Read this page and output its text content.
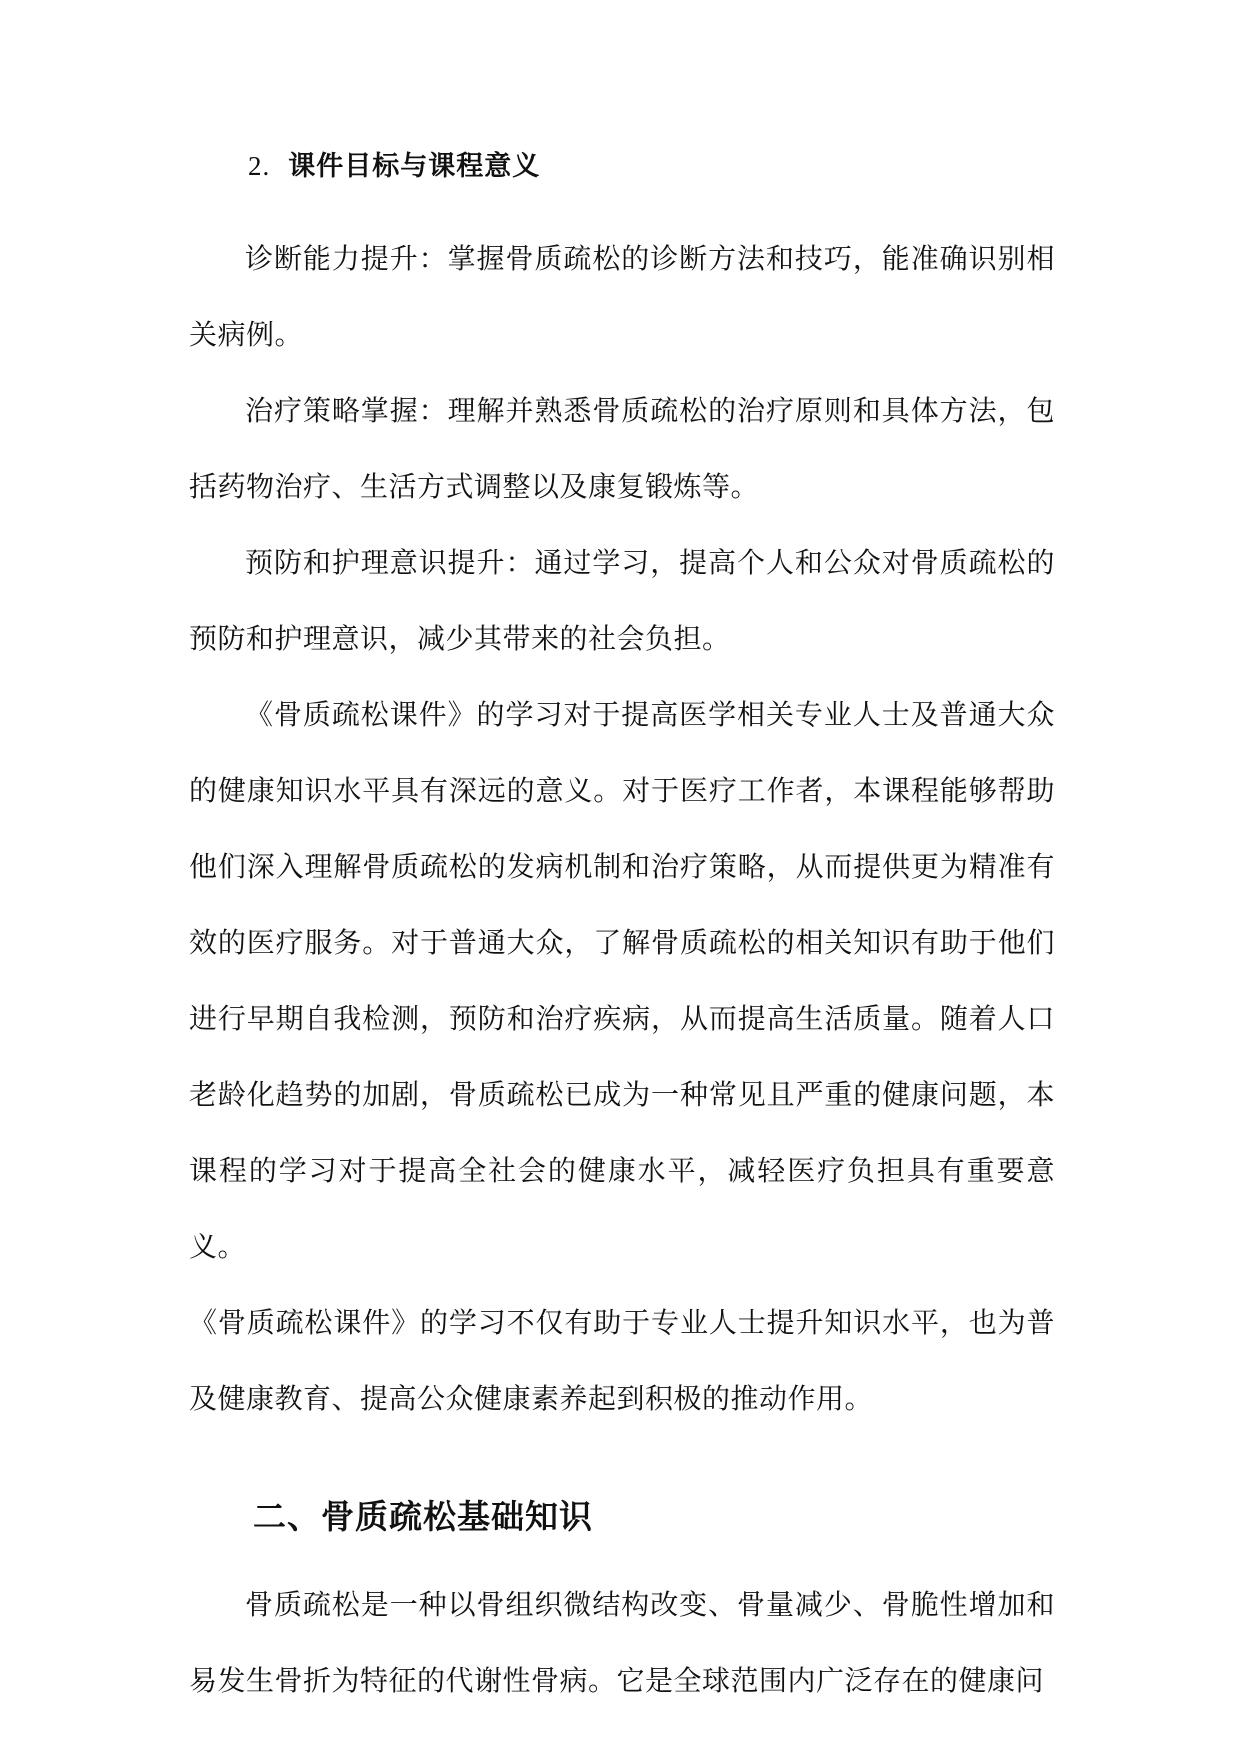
2. 课件目标与课程意义

诊断能力提升：掌握骨质疏松的诊断方法和技巧，能准确识别相关病例。

治疗策略掌握：理解并熟悉骨质疏松的治疗原则和具体方法，包括药物治疗、生活方式调整以及康复锻炼等。

预防和护理意识提升：通过学习，提高个人和公众对骨质疏松的预防和护理意识，减少其带来的社会负担。

《骨质疏松课件》的学习对于提高医学相关专业人士及普通大众的健康知识水平具有深远的意义。对于医疗工作者，本课程能够帮助他们深入理解骨质疏松的发病机制和治疗策略，从而提供更为精准有效的医疗服务。对于普通大众，了解骨质疏松的相关知识有助于他们进行早期自我检测，预防和治疗疾病，从而提高生活质量。随着人口老龄化趋势的加剧，骨质疏松已成为一种常见且严重的健康问题，本课程的学习对于提高全社会的健康水平，减轻医疗负担具有重要意义。

《骨质疏松课件》的学习不仅有助于专业人士提升知识水平，也为普及健康教育、提高公众健康素养起到积极的推动作用。

二、骨质疏松基础知识

骨质疏松是一种以骨组织微结构改变、骨量减少、骨脆性增加和易发生骨折为特征的代谢性骨病。它是全球范围内广泛存在的健康问
